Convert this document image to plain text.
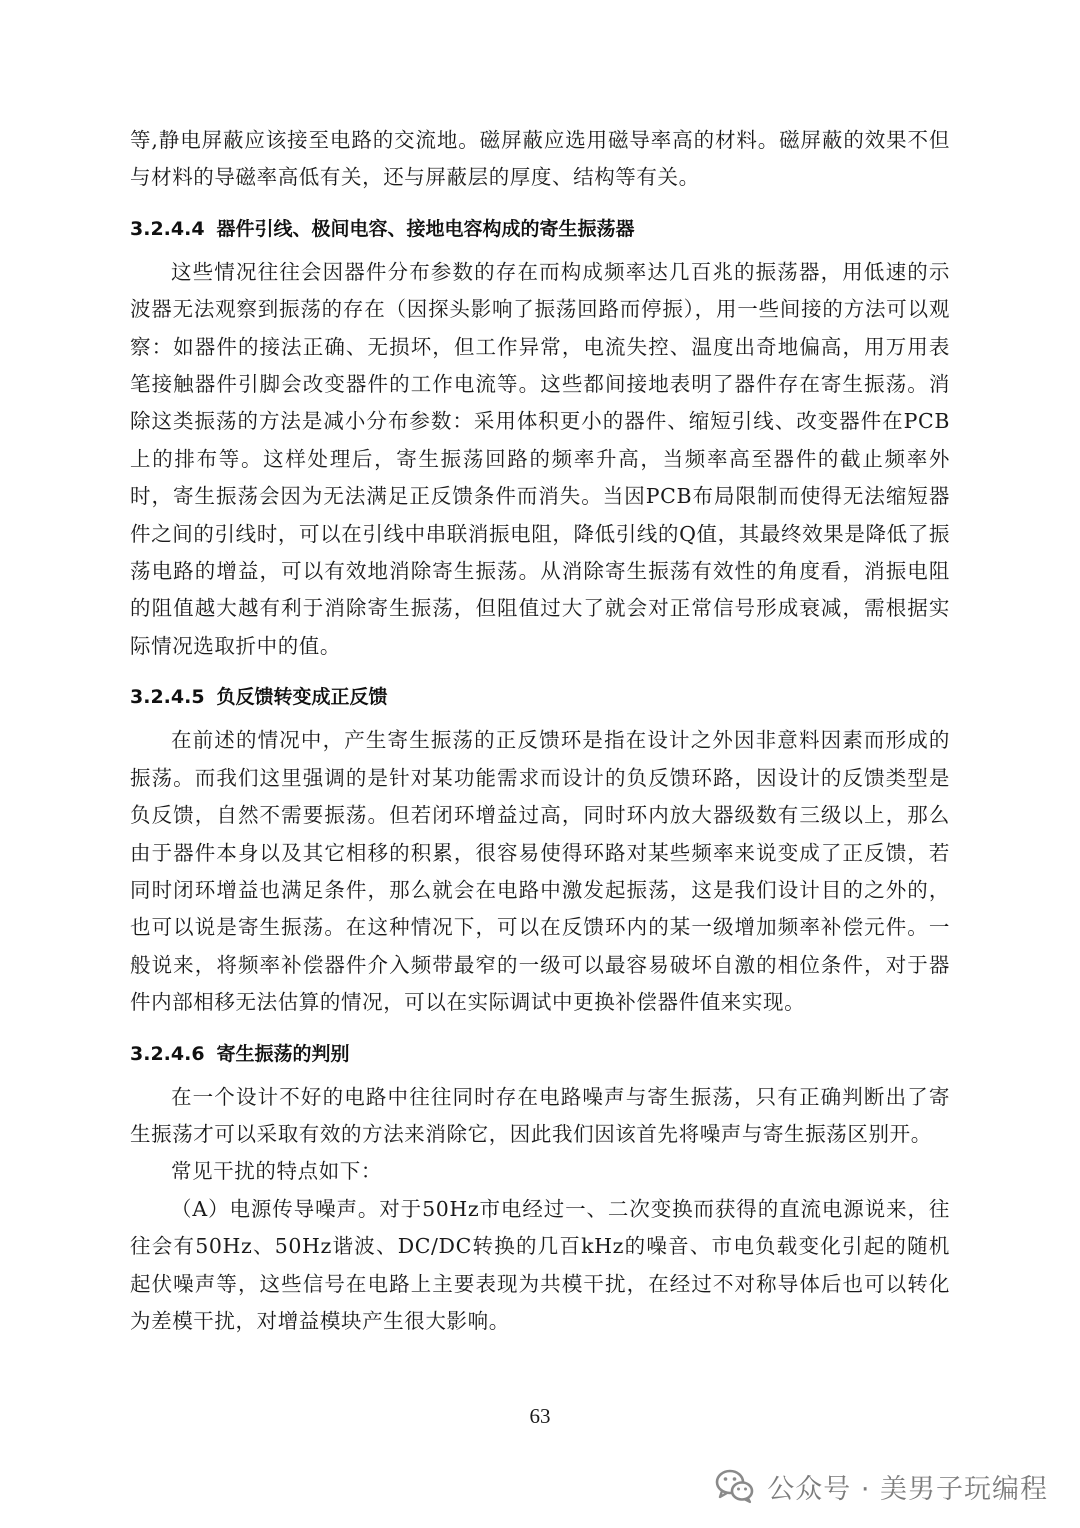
等,静电屏蔽应该接至电路的交流地。磁屏蔽应选用磁导率高的材料。磁屏蔽的效果不但与材料的导磁率高低有关，还与屏蔽层的厚度、结构等有关。

3.2.4.4 器件引线、极间电容、接地电容构成的寄生振荡器

这些情况往往会因器件分布参数的存在而构成频率达几百兆的振荡器，用低速的示波器无法观察到振荡的存在（因探头影响了振荡回路而停振），用一些间接的方法可以观察：如器件的接法正确、无损坏，但工作异常，电流失控、温度出奇地偏高，用万用表笔接触器件引脚会改变器件的工作电流等。这些都间接地表明了器件存在寄生振荡。消除这类振荡的方法是减小分布参数：采用体积更小的器件、缩短引线、改变器件在PCB上的排布等。这样处理后，寄生振荡回路的频率升高，当频率高至器件的截止频率外时，寄生振荡会因为无法满足正反馈条件而消失。当因PCB布局限制而使得无法缩短器件之间的引线时，可以在引线中串联消振电阻，降低引线的Q值，其最终效果是降低了振荡电路的增益，可以有效地消除寄生振荡。从消除寄生振荡有效性的角度看，消振电阻的阻值越大越有利于消除寄生振荡，但阻值过大了就会对正常信号形成衰减，需根据实际情况选取折中的值。

3.2.4.5 负反馈转变成正反馈

在前述的情况中，产生寄生振荡的正反馈环是指在设计之外因非意料因素而形成的振荡。而我们这里强调的是针对某功能需求而设计的负反馈环路，因设计的反馈类型是负反馈，自然不需要振荡。但若闭环增益过高，同时环内放大器级数有三级以上，那么由于器件本身以及其它相移的积累，很容易使得环路对某些频率来说变成了正反馈，若同时闭环增益也满足条件，那么就会在电路中激发起振荡，这是我们设计目的之外的，也可以说是寄生振荡。在这种情况下，可以在反馈环内的某一级增加频率补偿元件。一般说来，将频率补偿器件介入频带最窄的一级可以最容易破坏自激的相位条件，对于器件内部相移无法估算的情况，可以在实际调试中更换补偿器件值来实现。

3.2.4.6 寄生振荡的判别

在一个设计不好的电路中往往同时存在电路噪声与寄生振荡，只有正确判断出了寄生振荡才可以采取有效的方法来消除它，因此我们因该首先将噪声与寄生振荡区别开。

常见干扰的特点如下：

（A）电源传导噪声。对于50Hz市电经过一、二次变换而获得的直流电源说来，往往会有50Hz、50Hz谐波、DC/DC转换的几百kHz的噪音、市电负载变化引起的随机起伏噪声等，这些信号在电路上主要表现为共模干扰，在经过不对称导体后也可以转化为差模干扰，对增益模块产生很大影响。

63
公众号 · 美男子玩编程
